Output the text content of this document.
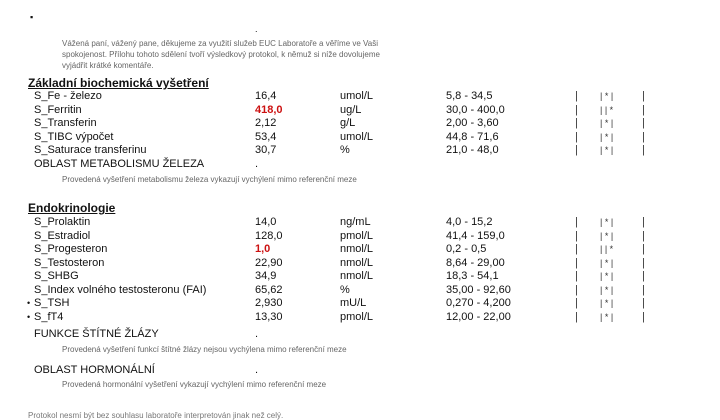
▪
.
Vážená paní, vážený pane, děkujeme za využití služeb EUC Laboratoře a věříme ve Vaši spokojenost. Přílohu tohoto sdělení tvoří výsledkový protokol, k němuž si níže dovolujeme vyjádřit krátké komentáře.
Základní biochemická vyšetření
S_Fe - železo	16,4	umol/L	5,8 - 34,5	| | * |	|
S_Ferritin	418,0	ug/L	30,0 - 400,0	| | | *	|
S_Transferin	2,12	g/L	2,00 - 3,60	| | * |	|
S_TIBC výpočet	53,4	umol/L	44,8 - 71,6	| | * |	|
S_Saturace transferinu	30,7	%	21,0 - 48,0	| | * |	|
OBLAST METABOLISMU ŽELEZA	.
Provedená vyšetření metabolismu železa vykazují vychýlení mimo referenční meze
Endokrinologie
S_Prolaktin	14,0	ng/mL	4,0 - 15,2	| | * |	|
S_Estradiol	128,0	pmol/L	41,4 - 159,0	| | * |	|
S_Progesteron	1,0	nmol/L	0,2 - 0,5	| | | *	|
S_Testosteron	22,90	nmol/L	8,64 - 29,00	| | * |	|
S_SHBG	34,9	nmol/L	18,3 - 54,1	| | * |	|
S_Index volného testosteronu (FAI)	65,62	%	35,00 - 92,60	| | * |	|
• S_TSH	2,930	mU/L	0,270 - 4,200	| | * |	|
• S_fT4	13,30	pmol/L	12,00 - 22,00	| | * |	|
FUNKCE ŠTÍTNÉ ŽLÁZY	.
Provedená vyšetření funkcí štítné žlázy nejsou vychýlena mimo referenční meze
OBLAST HORMONÁLNÍ	.
Provedená hormonální vyšetření vykazují vychýlení mimo referenční meze
Protokol nesmí být bez souhlasu laboratoře interpretován jinak než celý.
